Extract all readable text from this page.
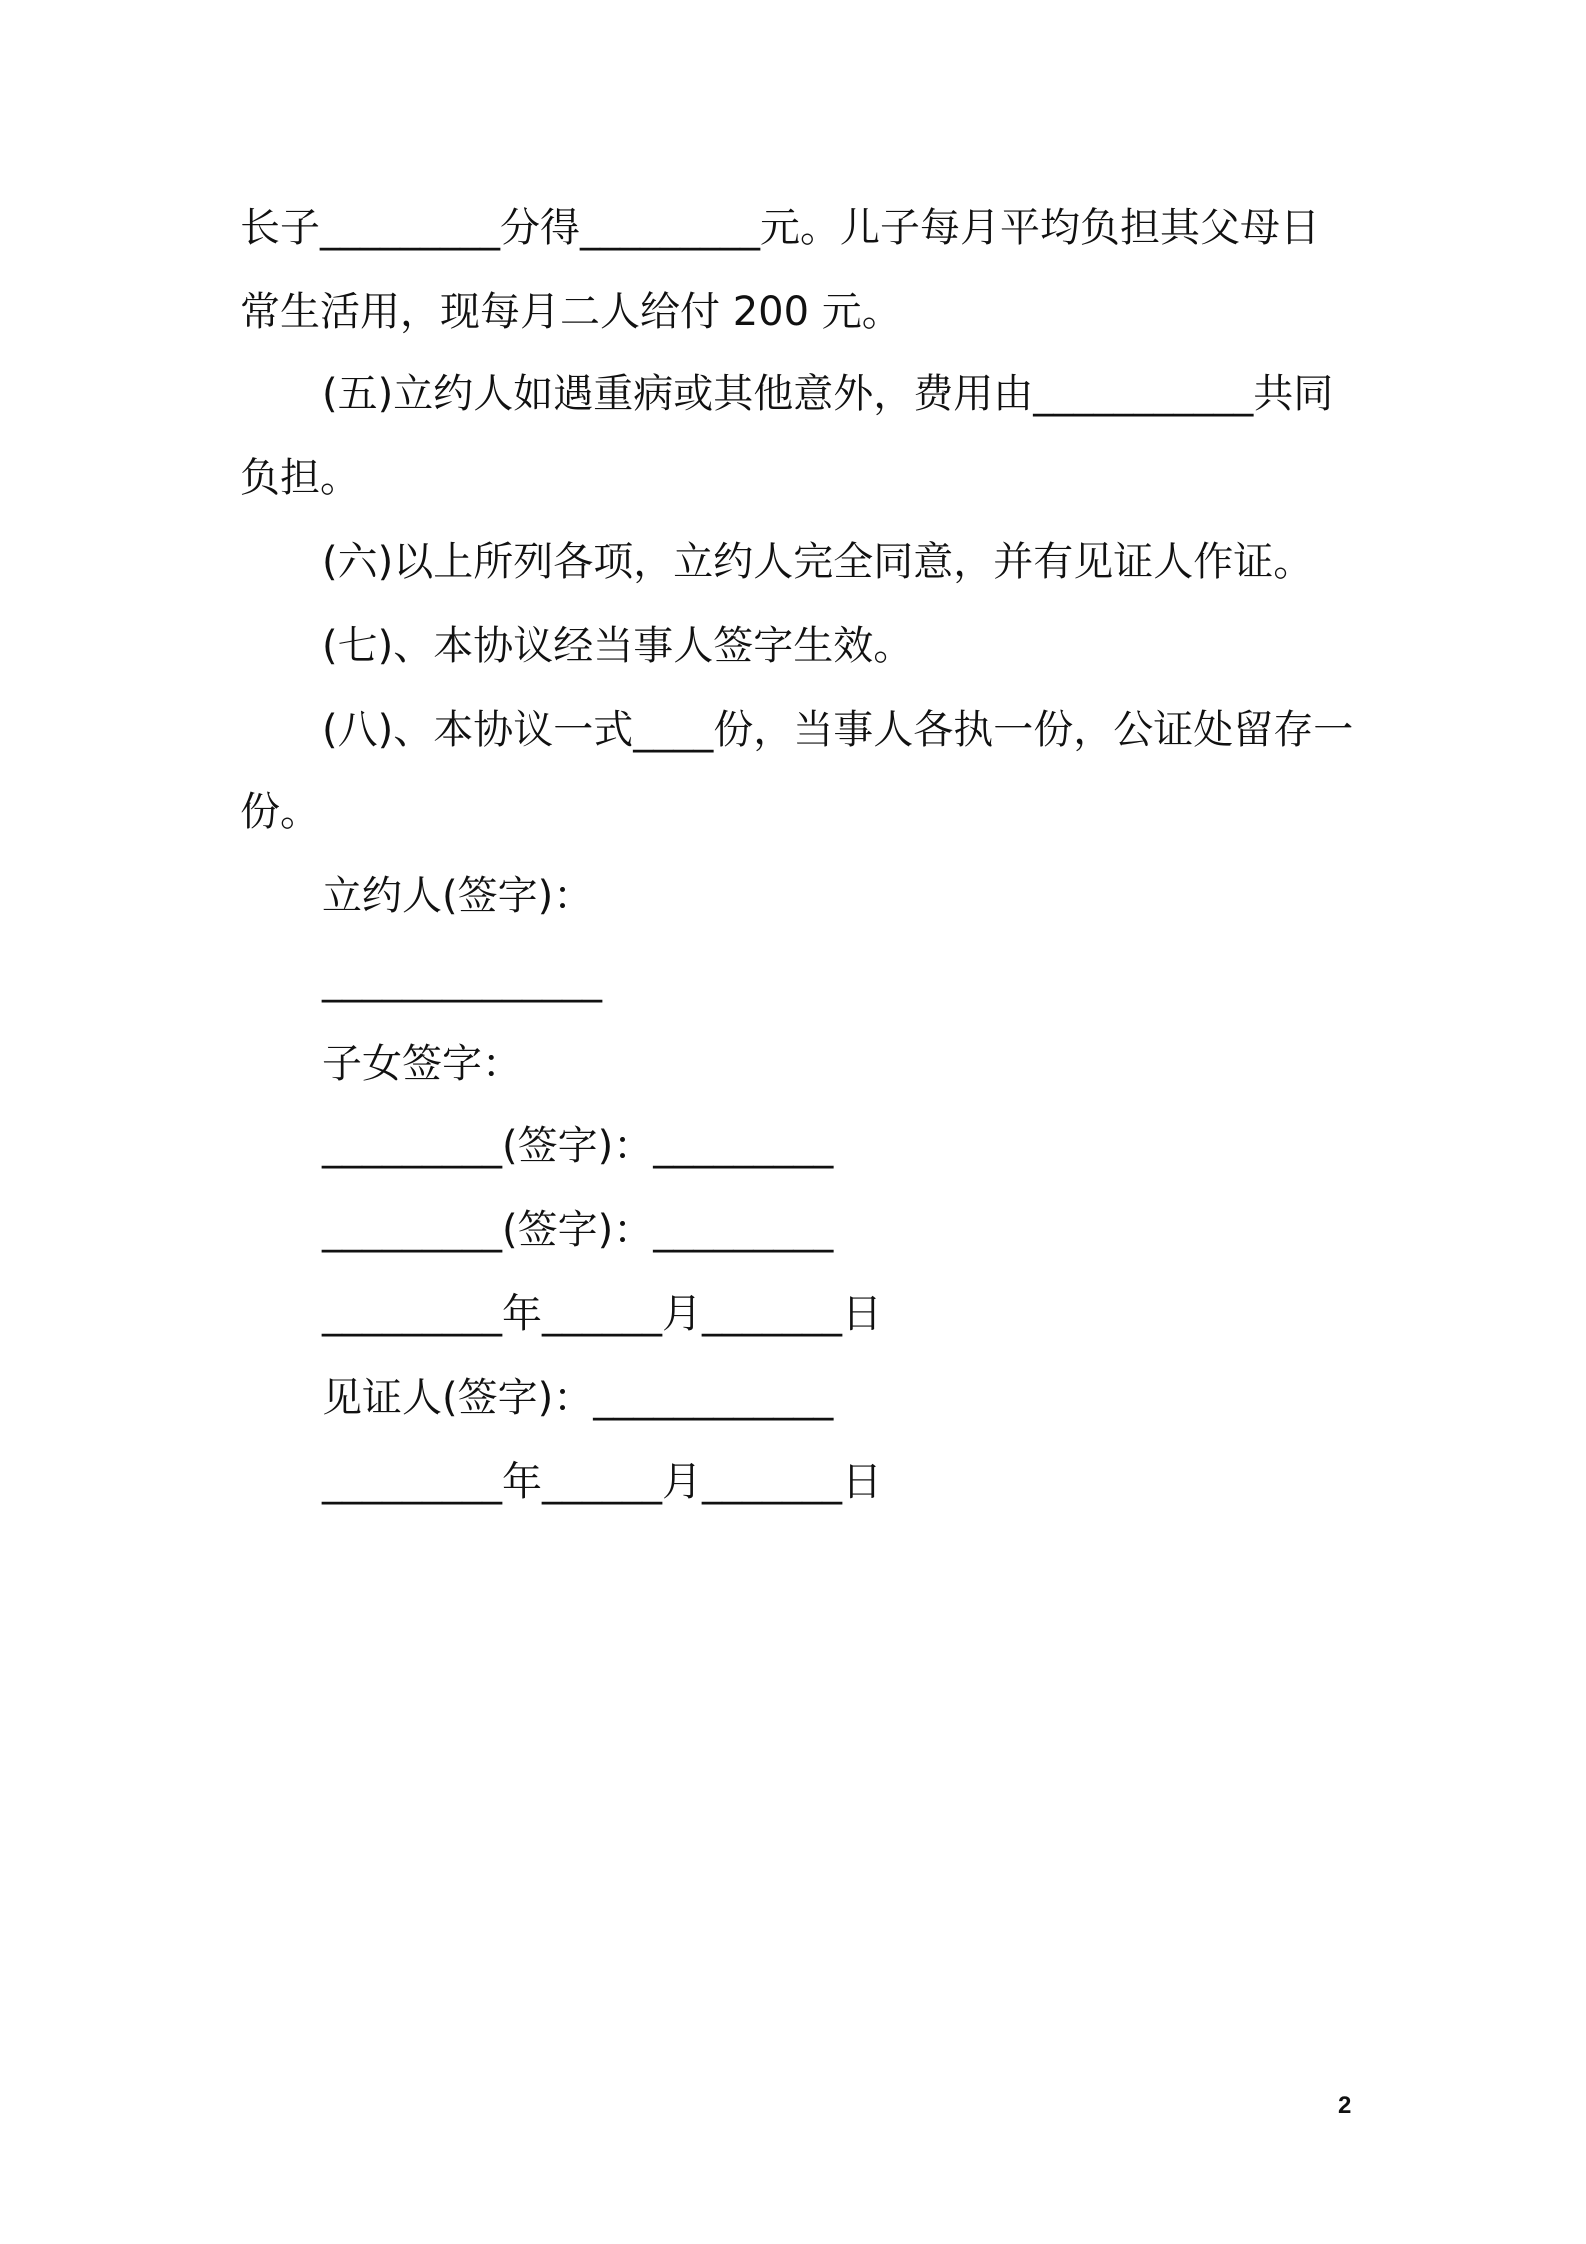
长子_________分得_________元。儿子每月平均负担其父母日
常生活用，现每月二人给付 200 元。
(五)立约人如遇重病或其他意外，费用由___________共同
负担。
(六)以上所列各项，立约人完全同意，并有见证人作证。
(七)、本协议经当事人签字生效。
(八)、本协议一式____份，当事人各执一份，公证处留存一
份。
立约人(签字)：
______________
子女签字：
_________(签字)：_________
_________(签字)：_________
_________年______月_______日
见证人(签字)：____________
_________年______月_______日
2
